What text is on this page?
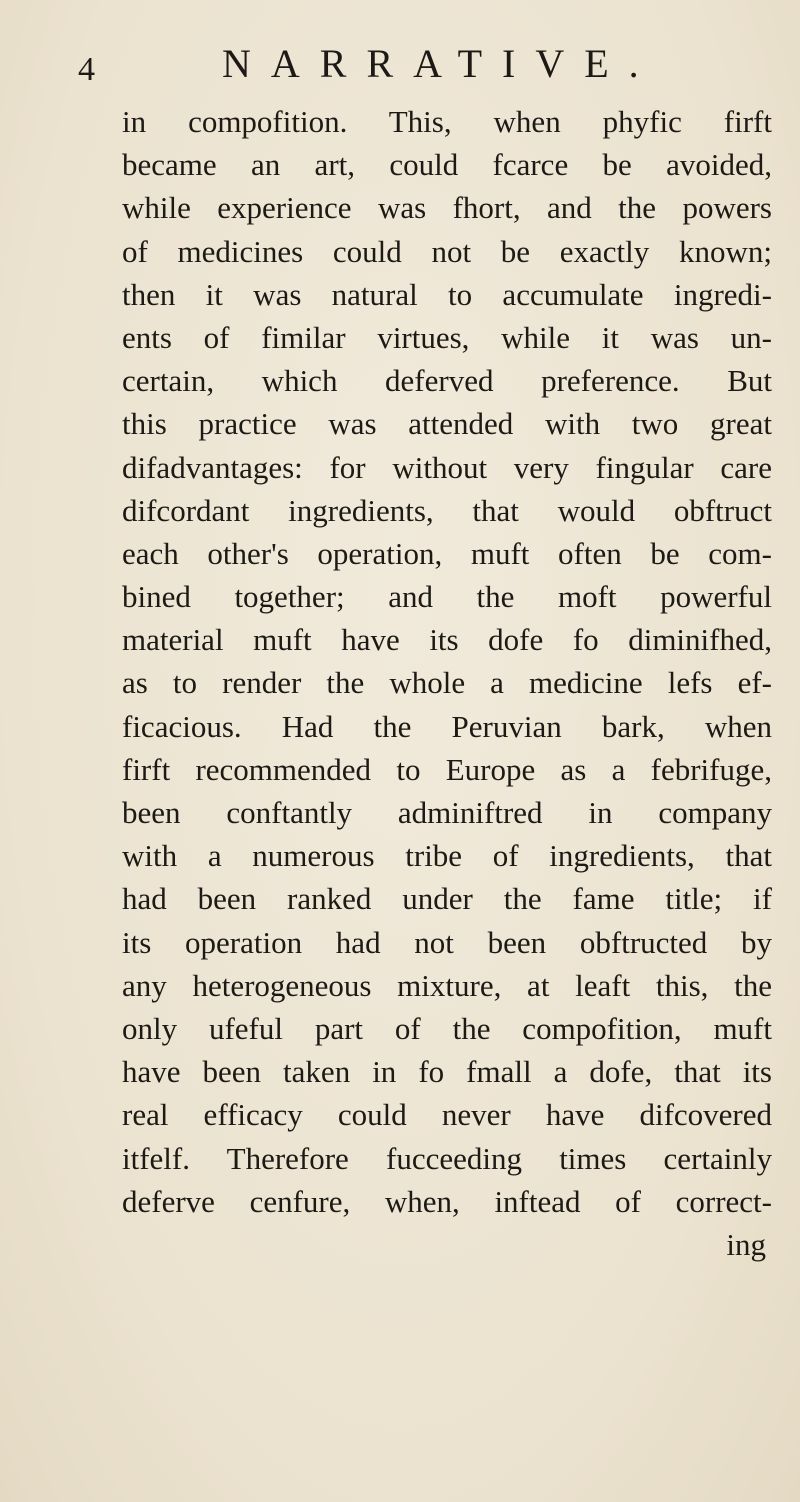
4	NARRATIVE.
in compofition. This, when phyfic firft
became an art, could fcarce be avoided,
while experience was fhort, and the powers
of medicines could not be exactly known;
then it was natural to accumulate ingredi-
ents of fimilar virtues, while it was un-
certain, which deferved preference. But
this practice was attended with two great
difadvantages: for without very fingular care
difcordant ingredients, that would obftruct
each other's operation, muft often be com-
bined together; and the moft powerful
material muft have its dofe fo diminifhed,
as to render the whole a medicine lefs ef-
ficacious. Had the Peruvian bark, when
firft recommended to Europe as a febrifuge,
been conftantly adminiftred in company
with a numerous tribe of ingredients, that
had been ranked under the fame title; if
its operation had not been obftructed by
any heterogeneous mixture, at leaft this, the
only ufeful part of the compofition, muft
have been taken in fo fmall a dofe, that its
real efficacy could never have difcovered
itfelf. Therefore fucceeding times certainly
deferve cenfure, when, inftead of correct-
ing
